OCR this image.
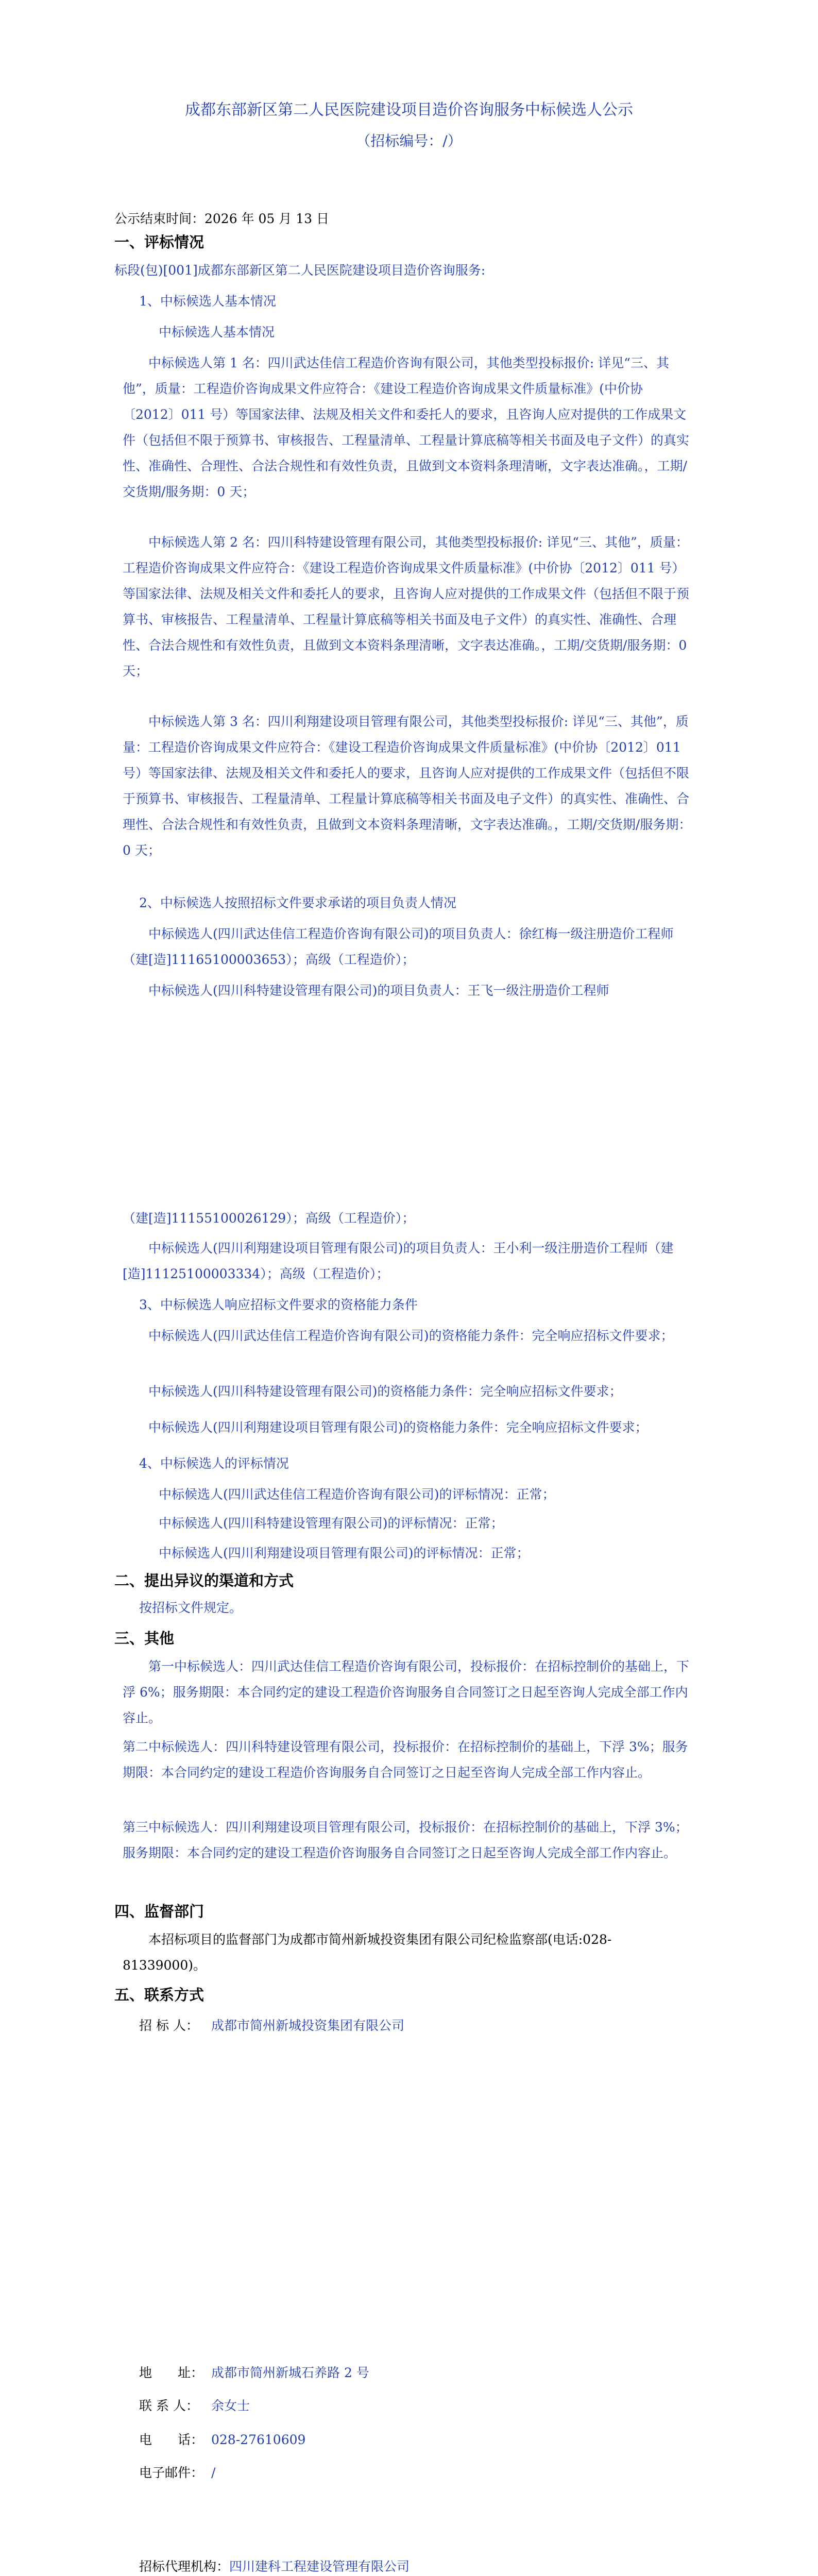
成都东部新区第二人民医院建设项目造价咨询服务中标候选人公示
（招标编号：/）
公示结束时间：2026 年 05 月 13 日
一、评标情况
标段(包)[001]成都东部新区第二人民医院建设项目造价咨询服务:
1、中标候选人基本情况
中标候选人基本情况
中标候选人第 1 名：四川武达佳信工程造价咨询有限公司，其他类型投标报价: 详见“三、其他”，质量：工程造价咨询成果文件应符合：《建设工程造价咨询成果文件质量标准》(中价协〔2012〕011 号）等国家法律、法规及相关文件和委托人的要求，且咨询人应对提供的工作成果文件（包括但不限于预算书、审核报告、工程量清单、工程量计算底稿等相关书面及电子文件）的真实性、准确性、合理性、合法合规性和有效性负责，且做到文本资料条理清晰，文字表达准确。，工期/交货期/服务期：0 天；
中标候选人第 2 名：四川科特建设管理有限公司，其他类型投标报价: 详见“三、其他”，质量：工程造价咨询成果文件应符合：《建设工程造价咨询成果文件质量标准》(中价协〔2012〕011 号）等国家法律、法规及相关文件和委托人的要求，且咨询人应对提供的工作成果文件（包括但不限于预算书、审核报告、工程量清单、工程量计算底稿等相关书面及电子文件）的真实性、准确性、合理性、合法合规性和有效性负责，且做到文本资料条理清晰，文字表达准确。，工期/交货期/服务期：0 天；
中标候选人第 3 名：四川利翔建设项目管理有限公司，其他类型投标报价: 详见“三、其他”，质量：工程造价咨询成果文件应符合：《建设工程造价咨询成果文件质量标准》(中价协〔2012〕011 号）等国家法律、法规及相关文件和委托人的要求，且咨询人应对提供的工作成果文件（包括但不限于预算书、审核报告、工程量清单、工程量计算底稿等相关书面及电子文件）的真实性、准确性、合理性、合法合规性和有效性负责，且做到文本资料条理清晰，文字表达准确。，工期/交货期/服务期：0 天；
2、中标候选人按照招标文件要求承诺的项目负责人情况
中标候选人(四川武达佳信工程造价咨询有限公司)的项目负责人：徐红梅一级注册造价工程师（建[造]11165100003653）；高级（工程造价）；
中标候选人(四川科特建设管理有限公司)的项目负责人：王飞一级注册造价工程师
（建[造]11155100026129）；高级（工程造价）；
中标候选人(四川利翔建设项目管理有限公司)的项目负责人：王小利一级注册造价工程师（建[造]11125100003334）；高级（工程造价）；
3、中标候选人响应招标文件要求的资格能力条件
中标候选人(四川武达佳信工程造价咨询有限公司)的资格能力条件：完全响应招标文件要求；
中标候选人(四川科特建设管理有限公司)的资格能力条件：完全响应招标文件要求；
中标候选人(四川利翔建设项目管理有限公司)的资格能力条件：完全响应招标文件要求；
4、中标候选人的评标情况
中标候选人(四川武达佳信工程造价咨询有限公司)的评标情况：正常；
中标候选人(四川科特建设管理有限公司)的评标情况：正常；
中标候选人(四川利翔建设项目管理有限公司)的评标情况：正常；
二、提出异议的渠道和方式
按招标文件规定。
三、其他
第一中标候选人：四川武达佳信工程造价咨询有限公司，投标报价：在招标控制价的基础上，下浮 6%；服务期限：本合同约定的建设工程造价咨询服务自合同签订之日起至咨询人完成全部工作内容止。
第二中标候选人：四川科特建设管理有限公司，投标报价：在招标控制价的基础上，下浮 3%；服务期限：本合同约定的建设工程造价咨询服务自合同签订之日起至咨询人完成全部工作内容止。
第三中标候选人：四川利翔建设项目管理有限公司，投标报价：在招标控制价的基础上，下浮 3%；服务期限：本合同约定的建设工程造价咨询服务自合同签订之日起至咨询人完成全部工作内容止。
四、监督部门
本招标项目的监督部门为成都市简州新城投资集团有限公司纪检监察部(电话:028-81339000)。
五、联系方式
招 标 人： 成都市简州新城投资集团有限公司
地　　址： 成都市简州新城石养路 2 号
联 系 人： 余女士
电　　话： 028-27610609
电子邮件： /
招标代理机构：四川建科工程建设管理有限公司
